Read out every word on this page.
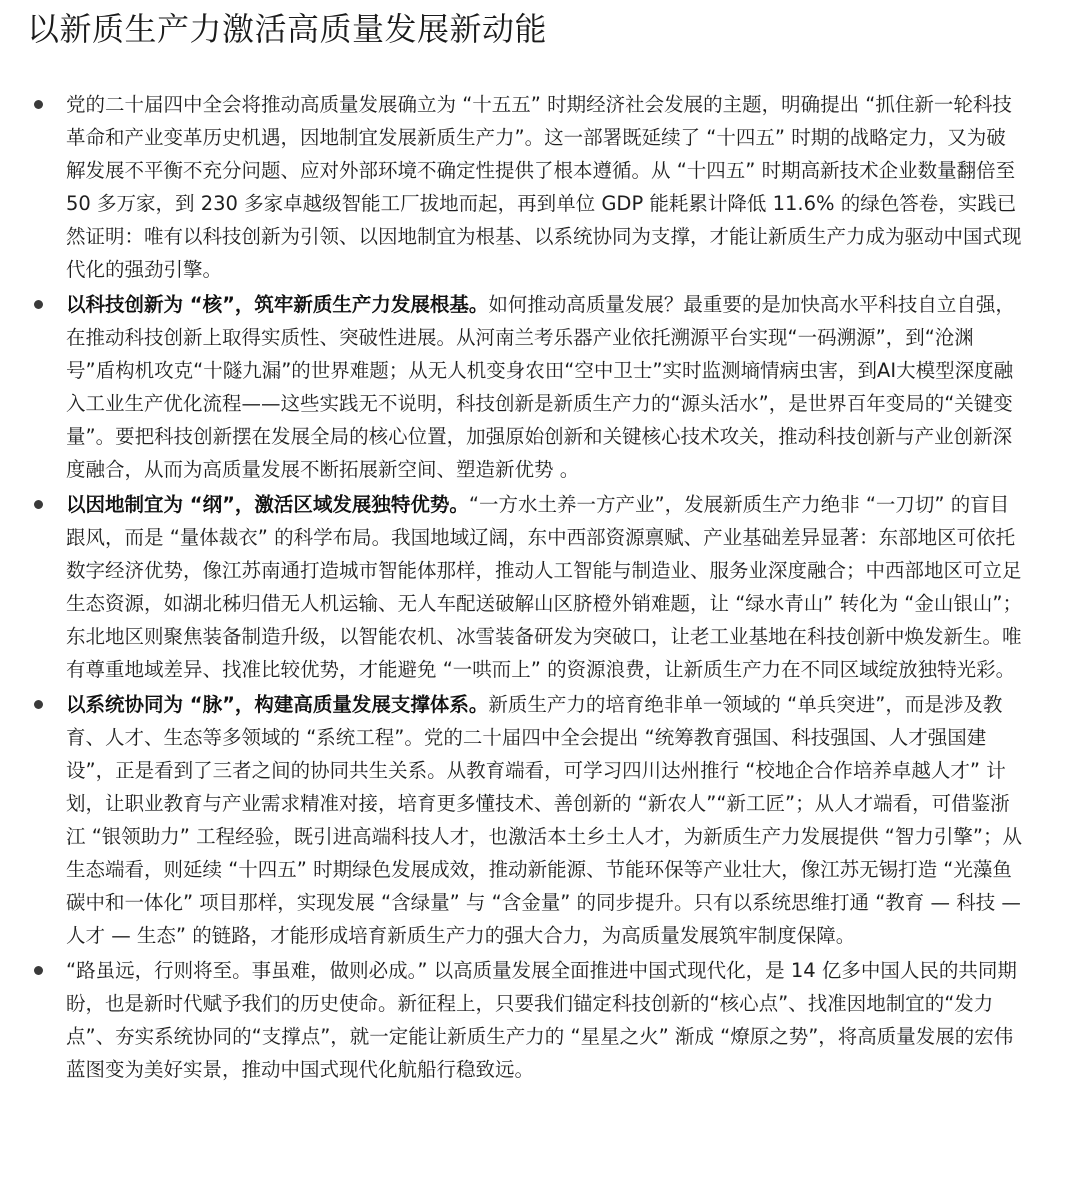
以新质生产力激活高质量发展新动能
党的二十届四中全会将推动高质量发展确立为 “十五五” 时期经济社会发展的主题，明确提出 “抓住新一轮科技革命和产业变革历史机遇，因地制宜发展新质生产力”。这一部署既延续了 “十四五” 时期的战略定力，又为破解发展不平衡不充分问题、应对外部环境不确定性提供了根本遵循。从 “十四五” 时期高新技术企业数量翻倍至 50 多万家，到 230 多家卓越级智能工厂拔地而起，再到单位 GDP 能耗累计降低 11.6% 的绿色答卷，实践已然证明：唯有以科技创新为引领、以因地制宜为根基、以系统协同为支撑，才能让新质生产力成为驱动中国式现代化的强劲引擎。
以科技创新为 “核”，筑牢新质生产力发展根基。如何推动高质量发展？最重要的是加快高水平科技自立自强，在推动科技创新上取得实质性、突破性进展。从河南兰考乐器产业依托溯源平台实现“一码溯源”，到“沧渊号”盾构机攻克“十隧九漏”的世界难题；从无人机变身农田“空中卫士”实时监测墒情病虫害，到AI大模型深度融入工业生产优化流程——这些实践无不说明，科技创新是新质生产力的“源头活水”，是世界百年变局的“关键变量”。要把科技创新摆在发展全局的核心位置，加强原始创新和关键核心技术攻关，推动科技创新与产业创新深度融合，从而为高质量发展不断拓展新空间、塑造新优势 。
以因地制宜为 “纲”，激活区域发展独特优势。“一方水土养一方产业”，发展新质生产力绝非 “一刀切” 的盲目跟风，而是 “量体裁衣” 的科学布局。我国地域辽阔，东中西部资源禀赋、产业基础差异显著：东部地区可依托数字经济优势，像江苏南通打造城市智能体那样，推动人工智能与制造业、服务业深度融合；中西部地区可立足生态资源，如湖北秭归借无人机运输、无人车配送破解山区脐橙外销难题，让 “绿水青山” 转化为 “金山银山”；东北地区则聚焦装备制造升级，以智能农机、冰雪装备研发为突破口，让老工业基地在科技创新中焕发新生。唯有尊重地域差异、找准比较优势，才能避免 “一哄而上” 的资源浪费，让新质生产力在不同区域绽放独特光彩。
以系统协同为 “脉”，构建高质量发展支撑体系。新质生产力的培育绝非单一领域的 “单兵突进”，而是涉及教育、人才、生态等多领域的 “系统工程”。党的二十届四中全会提出 “统筹教育强国、科技强国、人才强国建设”，正是看到了三者之间的协同共生关系。从教育端看，可学习四川达州推行 “校地企合作培养卓越人才” 计划，让职业教育与产业需求精准对接，培育更多懂技术、善创新的 “新农人”“新工匠”；从人才端看，可借鉴浙江 “银领助力” 工程经验，既引进高端科技人才，也激活本土乡土人才，为新质生产力发展提供 “智力引擎”；从生态端看，则延续 “十四五” 时期绿色发展成效，推动新能源、节能环保等产业壮大，像江苏无锡打造 “光藻鱼碳中和一体化” 项目那样，实现发展 “含绿量” 与 “含金量” 的同步提升。只有以系统思维打通 “教育 — 科技 — 人才 — 生态” 的链路，才能形成培育新质生产力的强大合力，为高质量发展筑牢制度保障。
“路虽远，行则将至。事虽难，做则必成。” 以高质量发展全面推进中国式现代化，是 14 亿多中国人民的共同期盼，也是新时代赋予我们的历史使命。新征程上，只要我们锚定科技创新的“核心点”、找准因地制宜的“发力点”、夯实系统协同的“支撑点”，就一定能让新质生产力的 “星星之火” 渐成 “燎原之势”，将高质量发展的宏伟蓝图变为美好实景，推动中国式现代化航船行稳致远。
